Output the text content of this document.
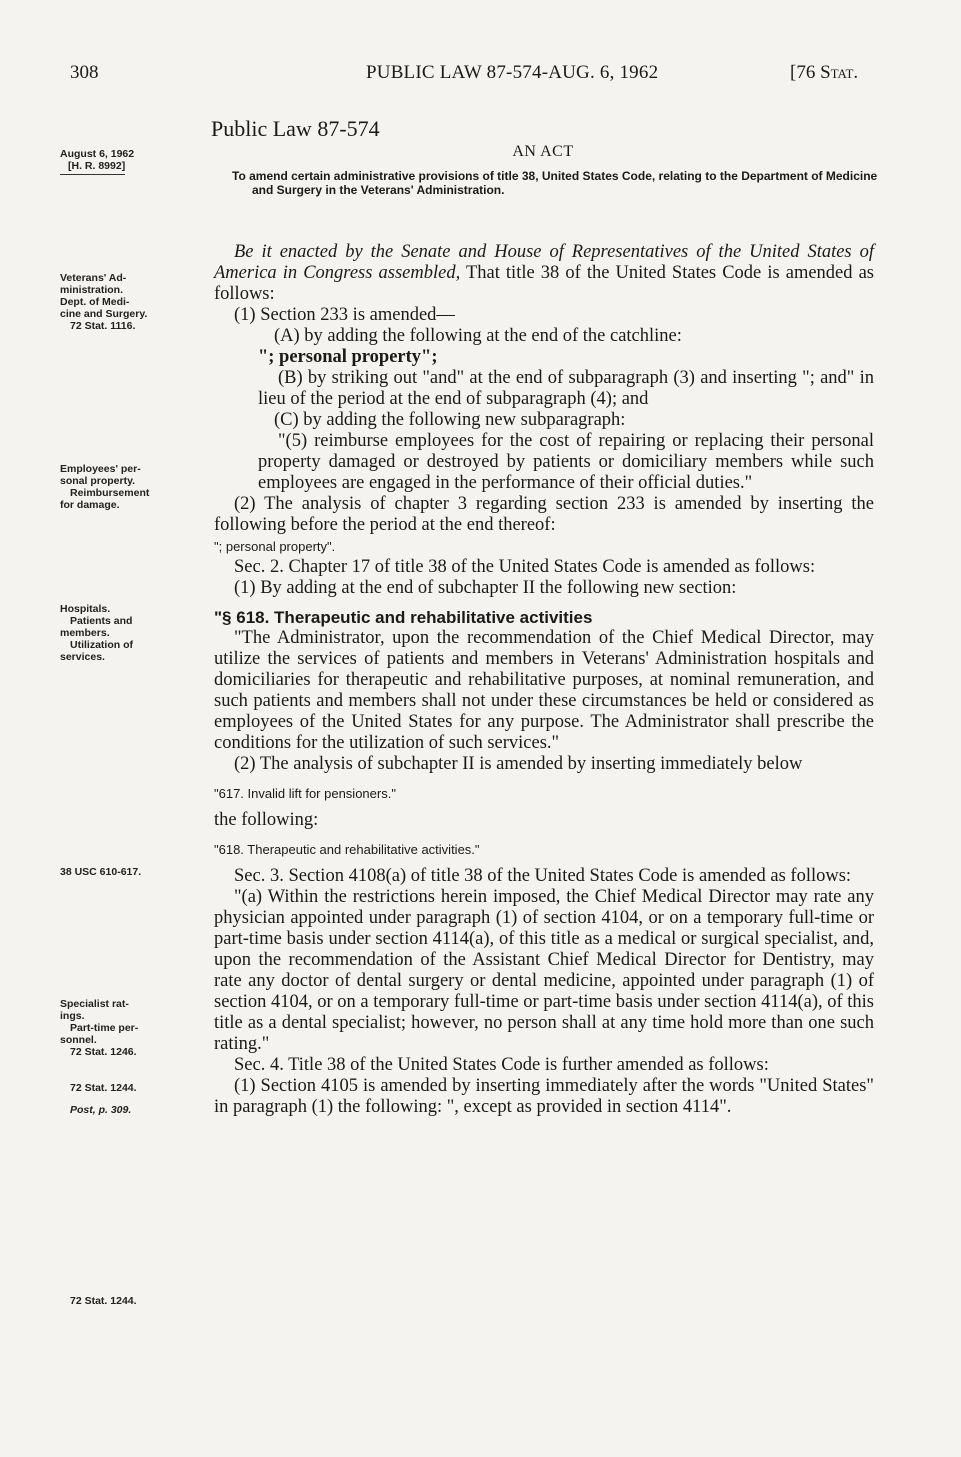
308	PUBLIC LAW 87-574-AUG. 6, 1962	[76 Stat.
August 6, 1962
[H. R. 8992]
Veterans' Ad-
ministration.
Dept. of Medi-
cine and Surgery.
72 Stat. 1116.
Employees' per-
sonal property.
Reimbursement
for damage.
Hospitals.
Patients and
members.
Utilization of
services.
38 USC 610-617.
Specialist rat-
ings.
Part-time per-
sonnel.
72 Stat. 1246.
72 Stat. 1244.
Post, p. 309.
72 Stat. 1244.
Public Law 87-574
AN ACT
To amend certain administrative provisions of title 38, United States Code, relating to the Department of Medicine and Surgery in the Veterans' Administration.

Be it enacted by the Senate and House of Representatives of the United States of America in Congress assembled, That title 38 of the United States Code is amended as follows:

(1) Section 233 is amended—

(A) by adding the following at the end of the catchline:

"; personal property";

(B) by striking out "and" at the end of subparagraph (3) and inserting "; and" in lieu of the period at the end of subparagraph (4); and

(C) by adding the following new subparagraph:

"(5) reimburse employees for the cost of repairing or replacing their personal property damaged or destroyed by patients or domiciliary members while such employees are engaged in the performance of their official duties."

(2) The analysis of chapter 3 regarding section 233 is amended by inserting the following before the period at the end thereof:

"; personal property".

Sec. 2. Chapter 17 of title 38 of the United States Code is amended as follows:

(1) By adding at the end of subchapter II the following new section:

"§ 618. Therapeutic and rehabilitative activities

"The Administrator, upon the recommendation of the Chief Medical Director, may utilize the services of patients and members in Veterans' Administration hospitals and domiciliaries for therapeutic and rehabilitative purposes, at nominal remuneration, and such patients and members shall not under these circumstances be held or considered as employees of the United States for any purpose. The Administrator shall prescribe the conditions for the utilization of such services."

(2) The analysis of subchapter II is amended by inserting immediately below

"617. Invalid lift for pensioners."

the following:

"618. Therapeutic and rehabilitative activities."

Sec. 3. Section 4108(a) of title 38 of the United States Code is amended as follows:

"(a) Within the restrictions herein imposed, the Chief Medical Director may rate any physician appointed under paragraph (1) of section 4104, or on a temporary full-time or part-time basis under section 4114(a), of this title as a medical or surgical specialist, and, upon the recommendation of the Assistant Chief Medical Director for Dentistry, may rate any doctor of dental surgery or dental medicine, appointed under paragraph (1) of section 4104, or on a temporary full-time or part-time basis under section 4114(a), of this title as a dental specialist; however, no person shall at any time hold more than one such rating."

Sec. 4. Title 38 of the United States Code is further amended as follows:

(1) Section 4105 is amended by inserting immediately after the words "United States" in paragraph (1) the following: ", except as provided in section 4114".
